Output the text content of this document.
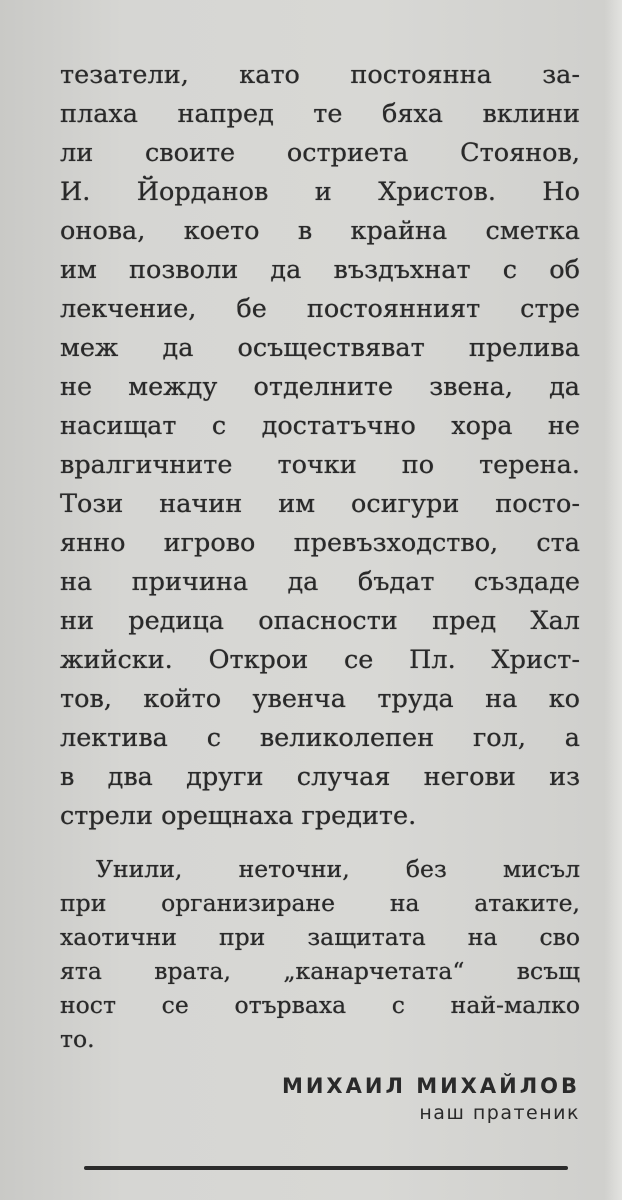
тезатели, като постоянна за-
плаха напред те бяха вклини
ли своите остриета Стоянов,
И. Йорданов и Христов. Но
онова, което в крайна сметка
им позволи да въздъхнат с об
лекчение, бе постоянният стре
меж да осъществяват прелива
не между отделните звена, да
насищат с достатъчно хора не
вралгичните точки по терена.
Този начин им осигури посто-
янно игрово превъзходство, ста
на причина да бъдат създаде
ни редица опасности пред Хал
жийски. Открои се Пл. Христ-
тов, който увенча труда на ко
лектива с великолепен гол, а
в два други случая негови из
стрели орещнаха гредите.
Унили, неточни, без мисъл
при организиране на атаките,
хаотични при защитата на сво
ята врата, „канарчетата“ всъщ
ност се отърваха с най-малко
то.
МИХАИЛ МИХАЙЛОВ
наш пратеник
